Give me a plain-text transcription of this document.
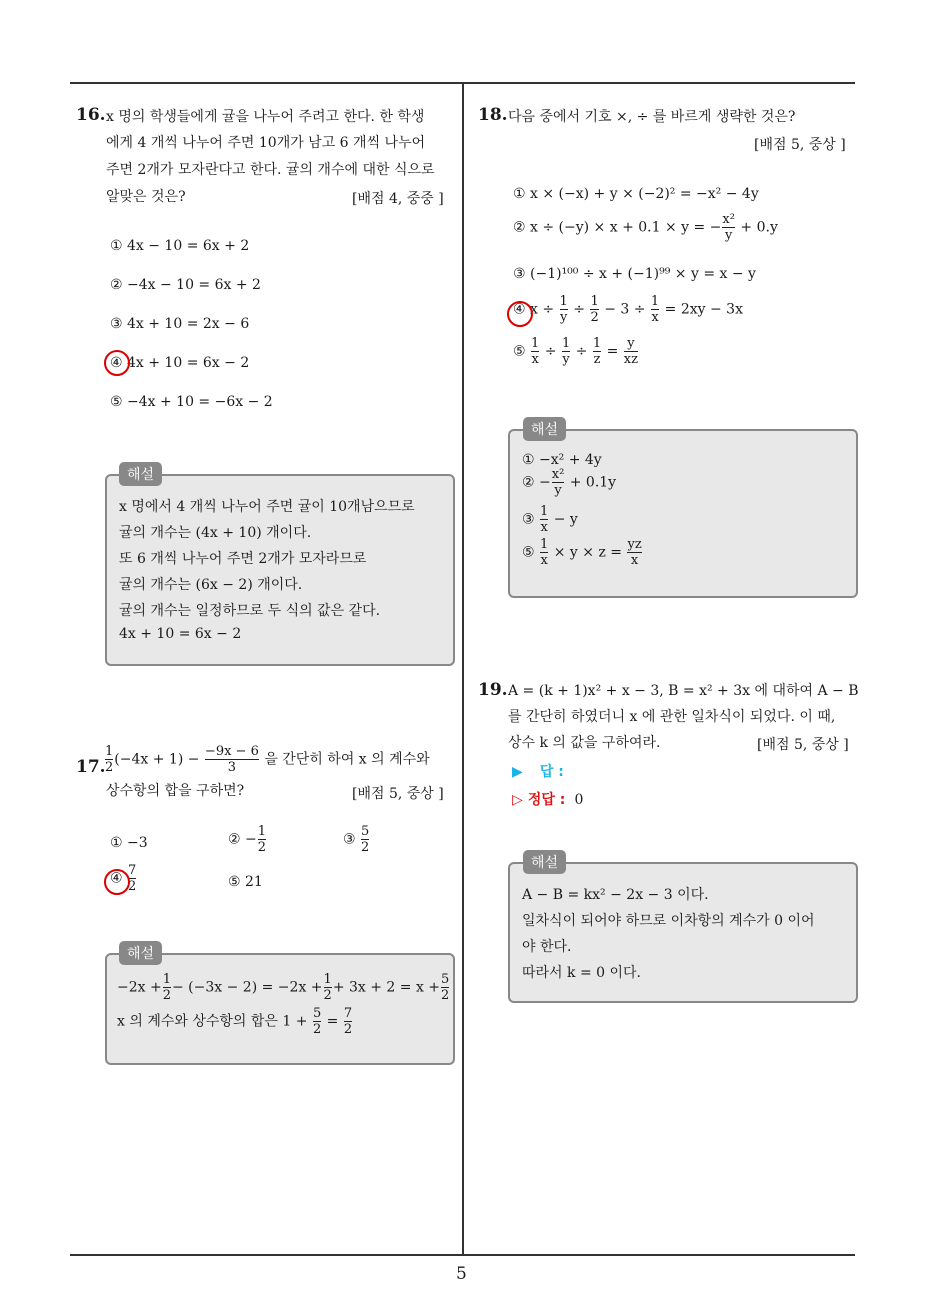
5
16. x 명의 학생들에게 귤을 나누어 주려고 한다. 한 학생
에게 4 개씩 나누어 주면 10개가 남고 6 개씩 나누어
주면 2개가 모자란다고 한다. 귤의 개수에 대한 식으로
알맞은 것은?	[배점 4, 중중 ]
① 4x − 10 = 6x + 2
② −4x − 10 = 6x + 2
③ 4x + 10 = 2x − 6
④ 4x + 10 = 6x − 2
⑤ −4x + 10 = −6x − 2
해설
x 명에서 4 개씩 나누어 주면 귤이 10개남으므로
귤의 개수는 (4x + 10) 개이다.
또 6 개씩 나누어 주면 2개가 모자라므로
귤의 개수는 (6x − 2) 개이다.
귤의 개수는 일정하므로 두 식의 값은 같다.
4x + 10 = 6x − 2
17. $\frac{1}{2} (-4x + 1) - \frac{-9x - 6}{3}$ 을 간단히 하여 x 의 계수와
상수항의 합을 구하면?	[배점 5, 중상 ]
① −3	② − $\frac{1}{2}$	③ $\frac{5}{2}$
④ $\frac{7}{2}$	⑤ 21
해설
$-2x + \frac{1}{2} - (-3x - 2) = -2x + \frac{1}{2} + 3x + 2 = x + \frac{5}{2}$
x 의 계수와 상수항의 합은 $1 + \frac{5}{2} = \frac{7}{2}$
18. 다음 중에서 기호 ×, ÷ 를 바르게 생략한 것은?
[배점 5, 중상 ]
① x × (−x) + y × (−2)² = −x² − 4y
② x ÷ (−y) × x + 0.1 × y = − $\frac{\text{x²}}{y} + 0.y$
③ (−1)¹⁰⁰ ÷ x + (−1)⁹⁹ × y = x − y
④ $x \div \frac{1}{y} \div \frac{1}{2} - 3 \div \frac{1}{x} = 2xy - 3x$
⑤ $\frac{1}{x} \div \frac{1}{y} \div \frac{1}{z} = \frac{y}{xz}$
해설
① −x² + 4y
② − $\frac{\text{x²}}{y} + 0.1y$
③ $\frac{1}{x} - y$
⑤ $\frac{1}{x} \times y \times z = \frac{yz}{x}$
19. A = (k + 1)x² + x − 3, B = x² + 3x 에 대하여 A − B
를 간단히 하였더니 x 에 관한 일차식이 되었다. 이 때,
상수 k 의 값을 구하여라.	[배점 5, 중상 ]
▶ 답 :
▷ 정답 : 0
해설
A − B = kx² − 2x − 3 이다.
일차식이 되어야 하므로 이차항의 계수가 0 이어
야 한다.
따라서 k = 0 이다.
